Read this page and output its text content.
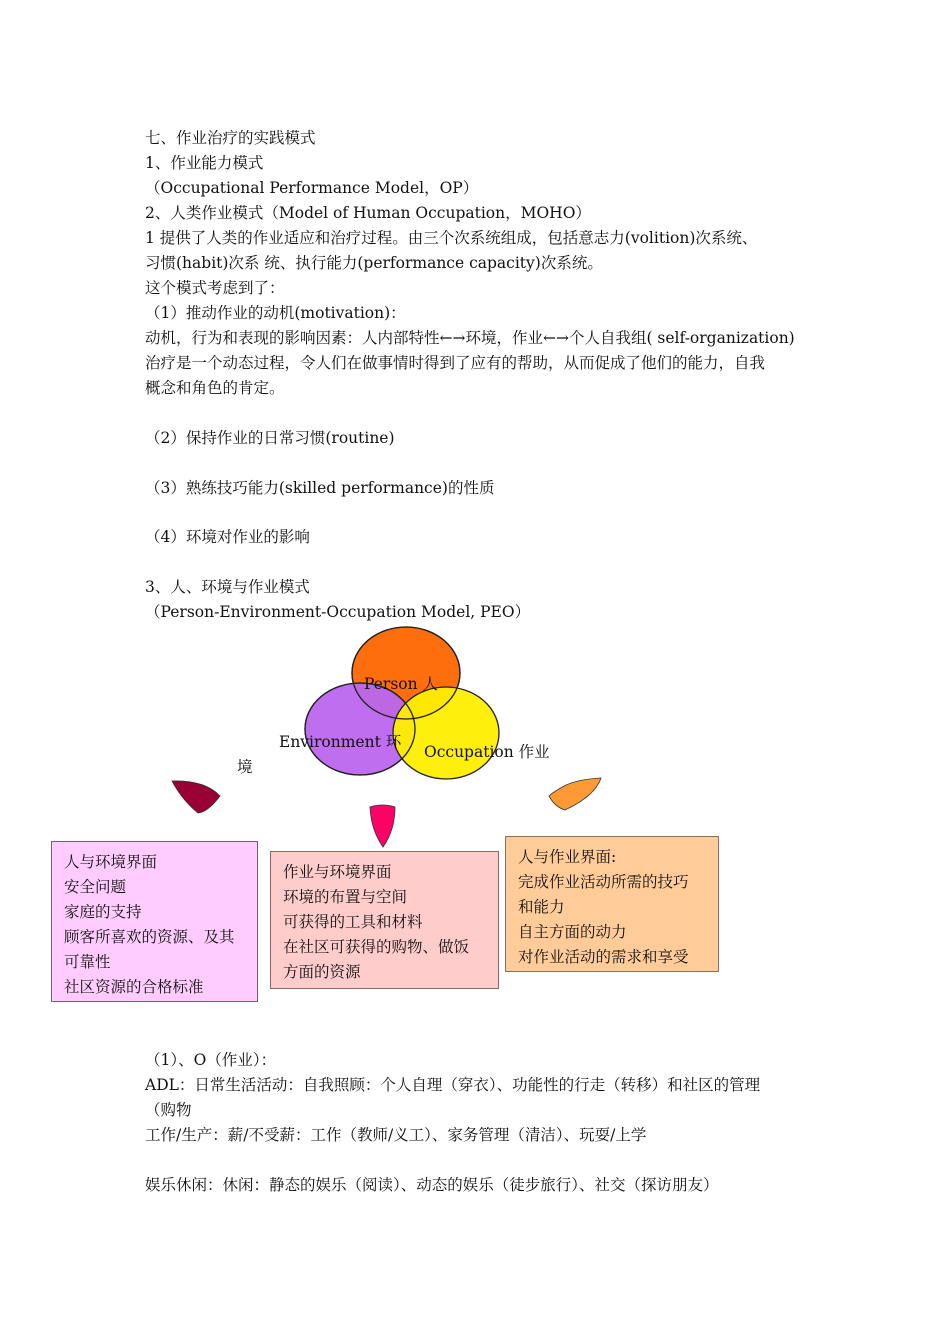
七、作业治疗的实践模式
1、作业能力模式
（Occupational Performance Model，OP）
2、人类作业模式（Model of Human Occupation，MOHO）
1 提供了人类的作业适应和治疗过程。由三个次系统组成，包括意志力(volition)次系统、
习惯(habit)次系 统、执行能力(performance capacity)次系统。
这个模式考虑到了：
（1）推动作业的动机(motivation)：
动机，行为和表现的影响因素：人内部特性←→环境，作业←→个人自我组( self-organization)
治疗是一个动态过程，令人们在做事情时得到了应有的帮助，从而促成了他们的能力，自我
概念和角色的肯定。
（2）保持作业的日常习惯(routine)
（3）熟练技巧能力(skilled performance)的性质
（4）环境对作业的影响
3、人、环境与作业模式
（Person-Environment-Occupation Model, PEO）
Person 人
Environment 环
境
Occupation 作业
人与环境界面
安全问题
家庭的支持
顾客所喜欢的资源、及其
可靠性
社区资源的合格标准
作业与环境界面
环境的布置与空间
可获得的工具和材料
在社区可获得的购物、做饭
方面的资源
人与作业界面:
完成作业活动所需的技巧
和能力
自主方面的动力
对作业活动的需求和享受
（1）、O（作业）：
ADL：日常生活活动：自我照顾：个人自理（穿衣）、功能性的行走（转移）和社区的管理
（购物
工作/生产：薪/不受薪：工作（教师/义工）、家务管理（清洁）、玩耍/上学
娱乐休闲：休闲：静态的娱乐（阅读）、动态的娱乐（徒步旅行）、社交（探访朋友）
